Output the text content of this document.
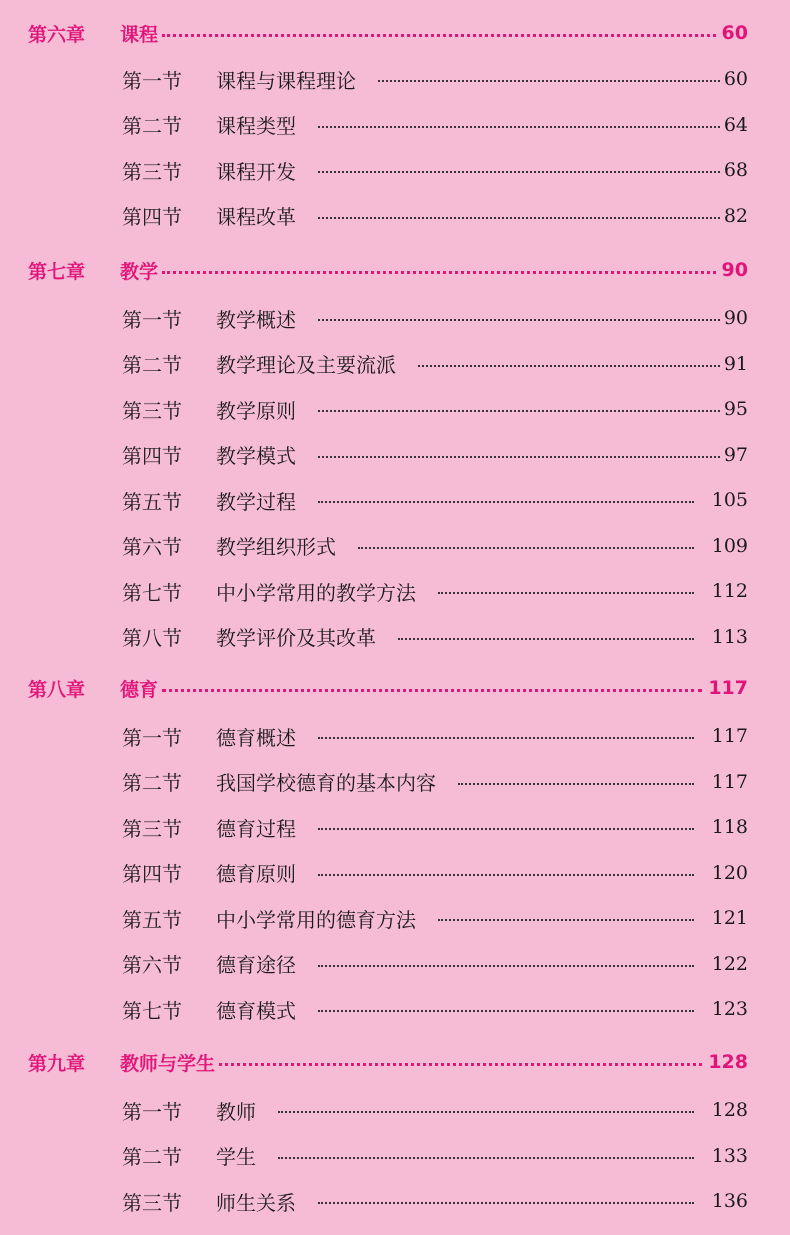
第六章 课程	60
第一节 课程与课程理论	60
第二节 课程类型	64
第三节 课程开发	68
第四节 课程改革	82
第七章 教学	90
第一节 教学概述	90
第二节 教学理论及主要流派	91
第三节 教学原则	95
第四节 教学模式	97
第五节 教学过程	105
第六节 教学组织形式	109
第七节 中小学常用的教学方法	112
第八节 教学评价及其改革	113
第八章 德育	117
第一节 德育概述	117
第二节 我国学校德育的基本内容	117
第三节 德育过程	118
第四节 德育原则	120
第五节 中小学常用的德育方法	121
第六节 德育途径	122
第七节 德育模式	123
第九章 教师与学生	128
第一节 教师	128
第二节 学生	133
第三节 师生关系	136
